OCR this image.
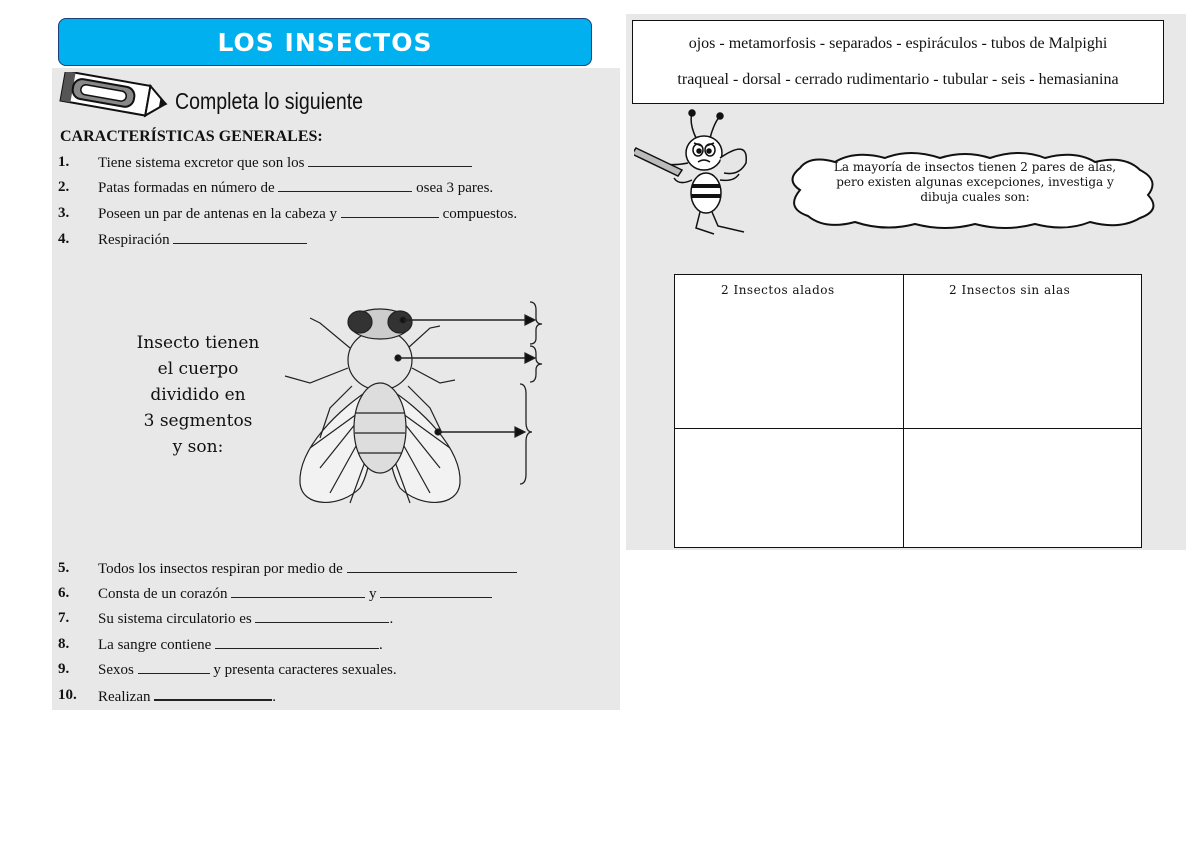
LOS INSECTOS
Completa lo siguiente
CARACTERÍSTICAS GENERALES:
1. Tiene sistema excretor que son los
2. Patas formadas en número de	osea 3 pares.
3. Poseen un par de antenas en la cabeza y	compuestos.
4. Respiración
Insecto tienen
el cuerpo
dividido en
3 segmentos
y son:
5. Todos los insectos respiran por medio de
6. Consta de un corazón	y
7. Su sistema circulatorio es	.
8. La sangre contiene	.
9. Sexos	y presenta caracteres sexuales.
10. Realizan	.
ojos - metamorfosis - separados - espiráculos - tubos de Malpighi
traqueal - dorsal - cerrado rudimentario - tubular - seis - hemasianina
La mayoría de insectos tienen 2 pares de alas,
pero existen algunas excepciones, investiga y
dibuja cuales son:
2 Insectos alados	2 Insectos sin alas
